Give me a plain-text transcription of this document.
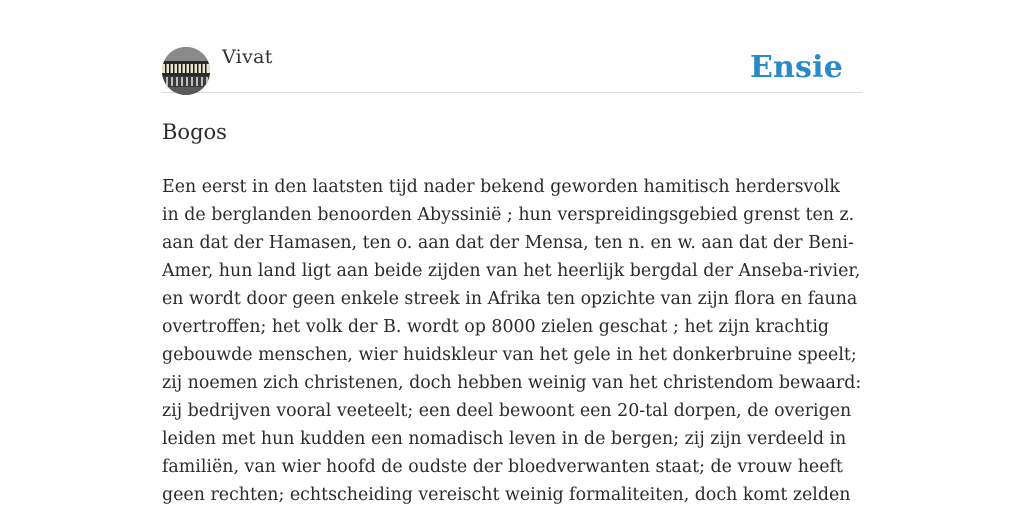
Vivat	Ensie
Bogos

Een eerst in den laatsten tijd nader bekend geworden hamitisch herdersvolk in de berglanden benoorden Abyssinië ; hun verspreidingsgebied grenst ten z. aan dat der Hamasen, ten o. aan dat der Mensa, ten n. en w. aan dat der Beni-Amer, hun land ligt aan beide zijden van het heerlijk bergdal der Anseba-rivier, en wordt door geen enkele streek in Afrika ten opzichte van zijn flora en fauna overtroffen; het volk der B. wordt op 8000 zielen geschat ; het zijn krachtig gebouwde menschen, wier huidskleur van het gele in het donkerbruine speelt; zij noemen zich christenen, doch hebben weinig van het christendom bewaard: zij bedrijven vooral veeteelt; een deel bewoont een 20-tal dorpen, de overigen leiden met hun kudden een nomadisch leven in de bergen; zij zijn verdeeld in familiën, van wier hoofd de oudste der bloedverwanten staat; de vrouw heeft geen rechten; echtscheiding vereischt weinig formaliteiten, doch komt zelden
